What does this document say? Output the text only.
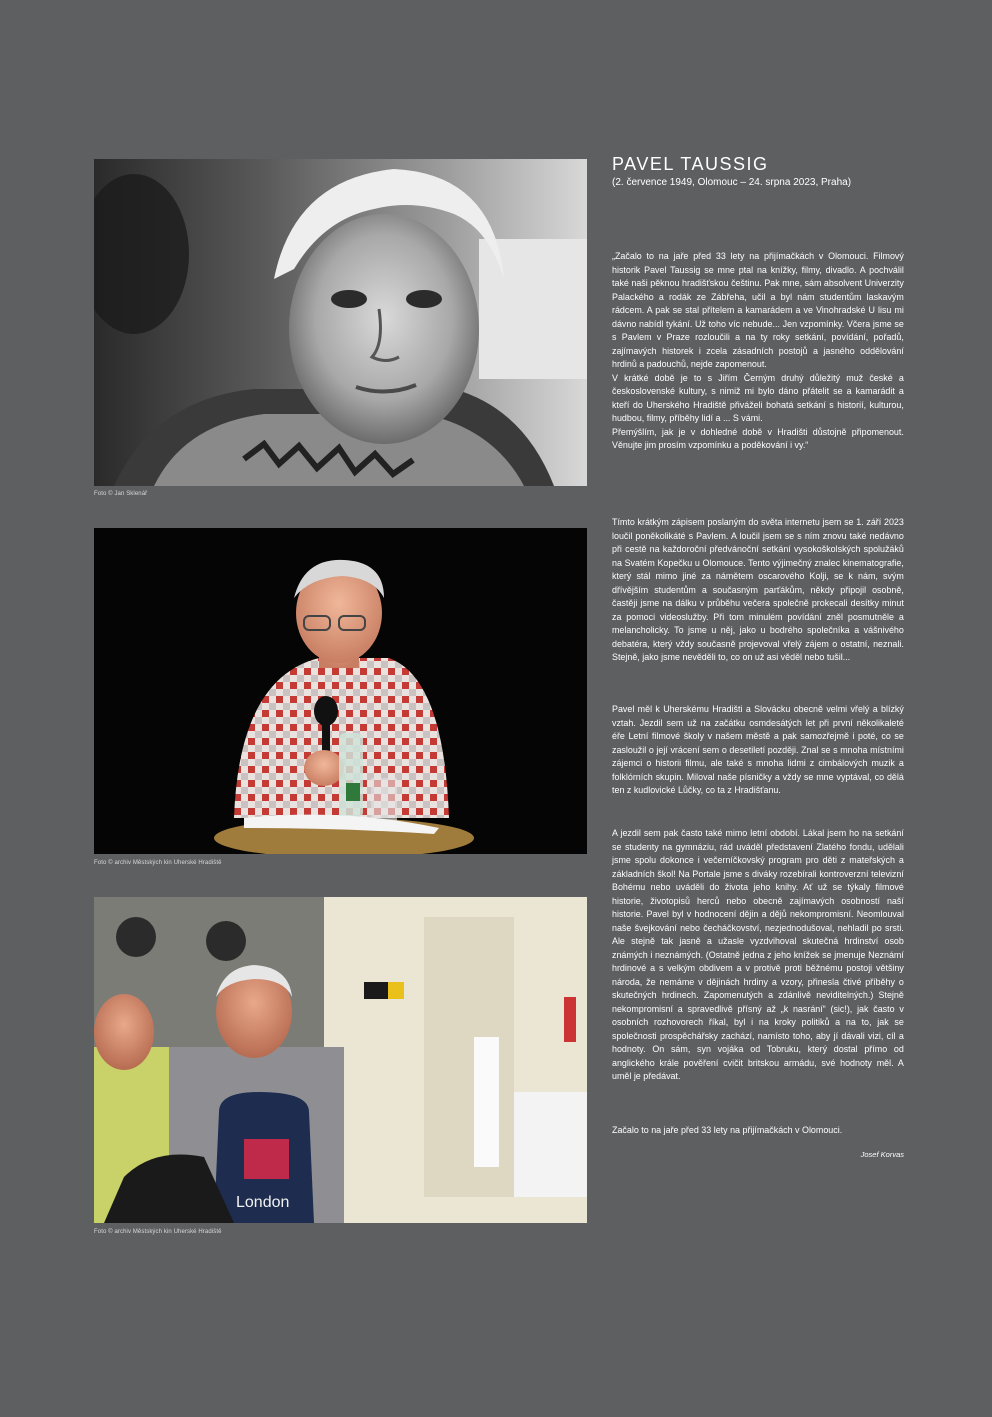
Foto © Jan Sklenář
Foto © archiv Městských kin Uherské Hradiště
London
Foto © archiv Městských kin Uherské Hradiště
PAVEL TAUSSIG

(2. července 1949, Olomouc – 24. srpna 2023, Praha)

„Začalo to na jaře před 33 lety na přijímačkách v Olomouci. Filmový historik Pavel Taussig se mne ptal na knížky, filmy, divadlo. A pochválil také naši pěknou hradišťskou češtinu. Pak mne, sám absolvent Univerzity Palackého a rodák ze Zábřeha, učil a byl nám studentům laskavým rádcem. A pak se stal přítelem a kamarádem a ve Vinohradské U lisu mi dávno nabídl tykání. Už toho víc nebude... Jen vzpomínky. Včera jsme se s Pavlem v Praze rozloučili a na ty roky setkání, povídání, pořadů, zajímavých historek i zcela zásadních postojů a jasného oddělování hrdinů a padouchů, nejde zapomenout.

V krátké době je to s Jiřím Černým druhý důležitý muž české a československé kultury, s nimiž mi bylo dáno přátelit se a kamarádit a kteří do Uherského Hradiště přiváželi bohatá setkání s historií, kulturou, hudbou, filmy, příběhy lidí a ... S vámi.

Přemýšlím, jak je v dohledné době v Hradišti důstojně připomenout. Věnujte jim prosím vzpomínku a poděkování i vy.“

Tímto krátkým zápisem poslaným do světa internetu jsem se 1. září 2023 loučil poněkolikáté s Pavlem. A loučil jsem se s ním znovu také nedávno při cestě na každoroční předvánoční setkání vysokoškolských spolužáků na Svatém Kopečku u Olomouce. Tento výjimečný znalec kinematografie, který stál mimo jiné za námětem oscarového Kolji, se k nám, svým dřívějším studentům a současným parťákům, někdy připojil osobně, častěji jsme na dálku v průběhu večera společně prokecali desítky minut za pomoci videoslužby. Při tom minulém povídání zněl posmutněle a melancholicky. To jsme u něj, jako u bodrého společníka a vášnivého debatéra, který vždy současně projevoval vřelý zájem o ostatní, neznali. Stejně, jako jsme nevěděli to, co on už asi věděl nebo tušil...

Pavel měl k Uherskému Hradišti a Slovácku obecně velmi vřelý a blízký vztah. Jezdil sem už na začátku osmdesátých let při první několikaleté éře Letní filmové školy v našem městě a pak samozřejmě i poté, co se zasloužil o její vrácení sem o desetiletí později. Znal se s mnoha místními zájemci o historii filmu, ale také s mnoha lidmi z cimbálových muzik a folklórních skupin. Miloval naše písničky a vždy se mne vyptával, co dělá ten z kudlovické Lůčky, co ta z Hradišťanu.

A jezdil sem pak často také mimo letní období. Lákal jsem ho na setkání se studenty na gymnáziu, rád uváděl představení Zlatého fondu, udělali jsme spolu dokonce i večerníčkovský program pro děti z mateřských a základních škol! Na Portale jsme s diváky rozebírali kontroverzní televizní Bohému nebo uváděli do života jeho knihy. Ať už se týkaly filmové historie, životopisů herců nebo obecně zajímavých osobností naší historie. Pavel byl v hodnocení dějin a dějů nekompromisní. Neomlouval naše švejkování nebo čecháčkovství, nezjednodušoval, nehladil po srsti. Ale stejně tak jasně a užasle vyzdvihoval skutečná hrdinství osob známých i neznámých. (Ostatně jedna z jeho knížek se jmenuje Neznámí hrdinové a s velkým obdivem a v protivě proti běžnému postoji většiny národa, že nemáme v dějinách hrdiny a vzory, přinesla čtivé příběhy o skutečných hrdinech. Zapomenutých a zdánlivě neviditelných.) Stejně nekompromisní a spravedlivě přísný až „k nasrání“ (sic!), jak často v osobních rozhovorech říkal, byl i na kroky politiků a na to, jak se společnosti prospěchářsky zachází, namísto toho, aby jí dávali vizi, cíl a hodnoty. On sám, syn vojáka od Tobruku, který dostal přímo od anglického krále pověření cvičit britskou armádu, své hodnoty měl. A uměl je předávat.

Začalo to na jaře před 33 lety na přijímačkách v Olomouci.

Josef Korvas
